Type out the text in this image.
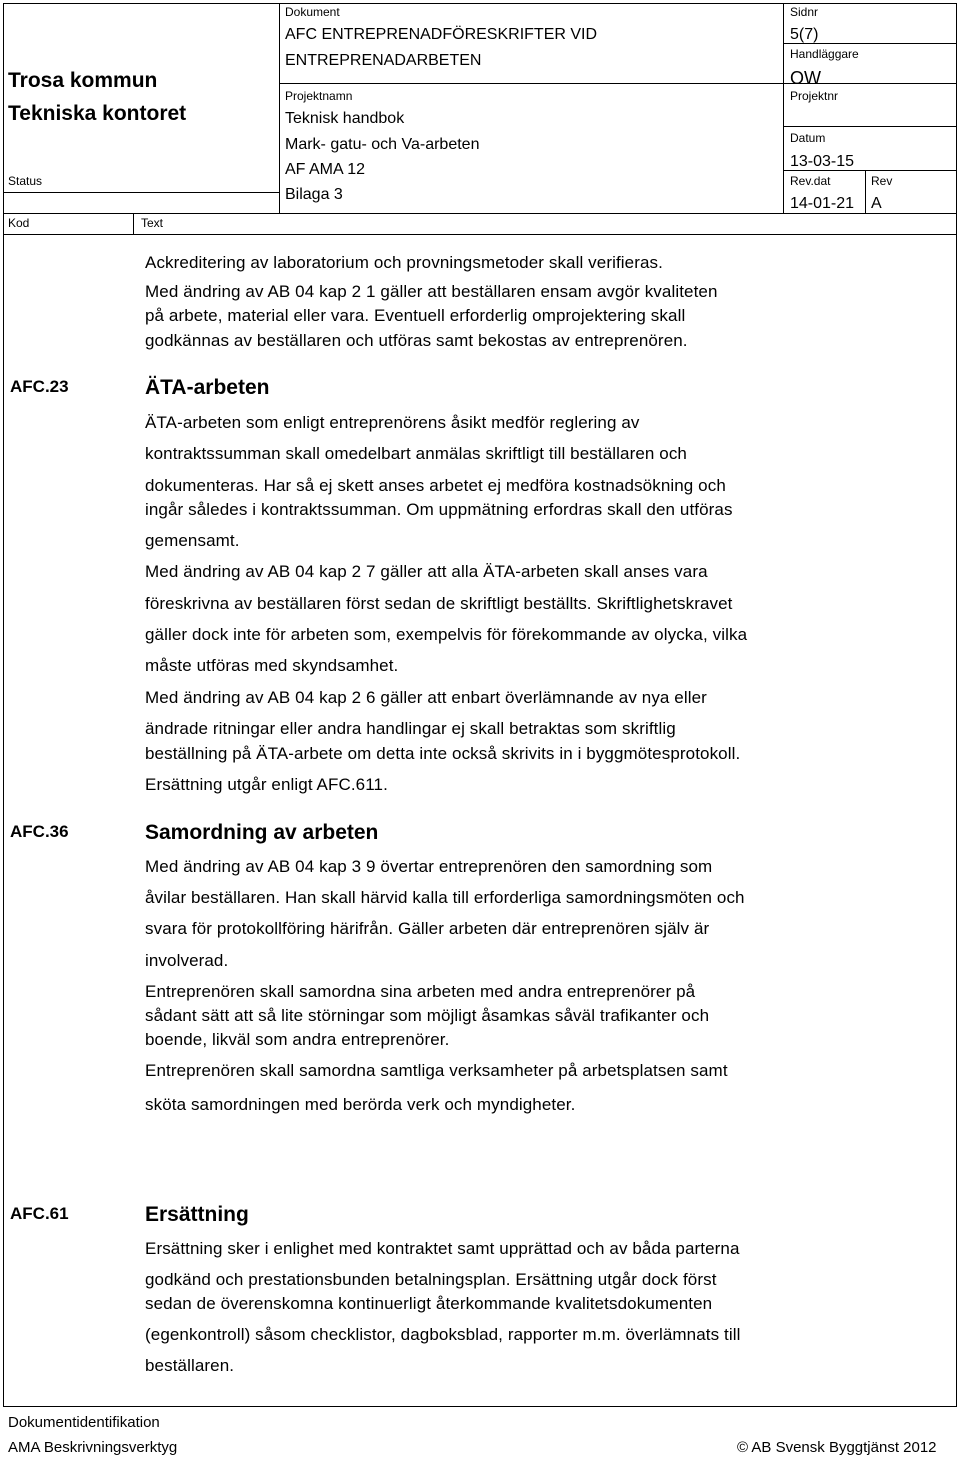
Trosa kommun
Tekniska kontoret
Status
Kod	Text
Dokument
AFC ENTREPRENADFÖRESKRIFTER VID
ENTREPRENADARBETEN
Projektnamn
Teknisk handbok
Mark- gatu- och Va-arbeten
AF AMA 12
Bilaga 3
Sidnr
5(7)
Handläggare
OW
Projektnr
Datum
13-03-15
Rev.dat
14-01-21
Rev
A
Ackreditering av laboratorium och provningsmetoder skall verifieras.
Med ändring av AB 04 kap 2 1 gäller att beställaren ensam avgör kvaliteten
på arbete, material eller vara. Eventuell erforderlig omprojektering skall
godkännas av beställaren och utföras samt bekostas av entreprenören.
AFC.23	ÄTA-arbeten
ÄTA-arbeten som enligt entreprenörens åsikt medför reglering av
kontraktssumman skall omedelbart anmälas skriftligt till beställaren och
dokumenteras. Har så ej skett anses arbetet ej medföra kostnadsökning och
ingår således i kontraktssumman. Om uppmätning erfordras skall den utföras
gemensamt.
Med ändring av AB 04 kap 2 7 gäller att alla ÄTA-arbeten skall anses vara
föreskrivna av beställaren först sedan de skriftligt beställts. Skriftlighetskravet
gäller dock inte för arbeten som, exempelvis för förekommande av olycka, vilka
måste utföras med skyndsamhet.
Med ändring av AB 04 kap 2 6 gäller att enbart överlämnande av nya eller
ändrade ritningar eller andra handlingar ej skall betraktas som skriftlig
beställning på ÄTA-arbete om detta inte också skrivits in i byggmötesprotokoll.
Ersättning utgår enligt AFC.611.
AFC.36	Samordning av arbeten
Med ändring av AB 04 kap 3 9 övertar entreprenören den samordning som
åvilar beställaren. Han skall härvid kalla till erforderliga samordningsmöten och
svara för protokollföring härifrån. Gäller arbeten där entreprenören själv är
involverad.
Entreprenören skall samordna sina arbeten med andra entreprenörer på
sådant sätt att så lite störningar som möjligt åsamkas såväl trafikanter och
boende, likväl som andra entreprenörer.
Entreprenören skall samordna samtliga verksamheter på arbetsplatsen samt
sköta samordningen med berörda verk och myndigheter.
AFC.61	Ersättning
Ersättning sker i enlighet med kontraktet samt upprättad och av båda parterna
godkänd och prestationsbunden betalningsplan. Ersättning utgår dock först
sedan de överenskomna kontinuerligt återkommande kvalitetsdokumenten
(egenkontroll) såsom checklistor, dagboksblad, rapporter m.m. överlämnats till
beställaren.
Dokumentidentifikation
AMA Beskrivningsverktyg	© AB Svensk Byggtjänst 2012
